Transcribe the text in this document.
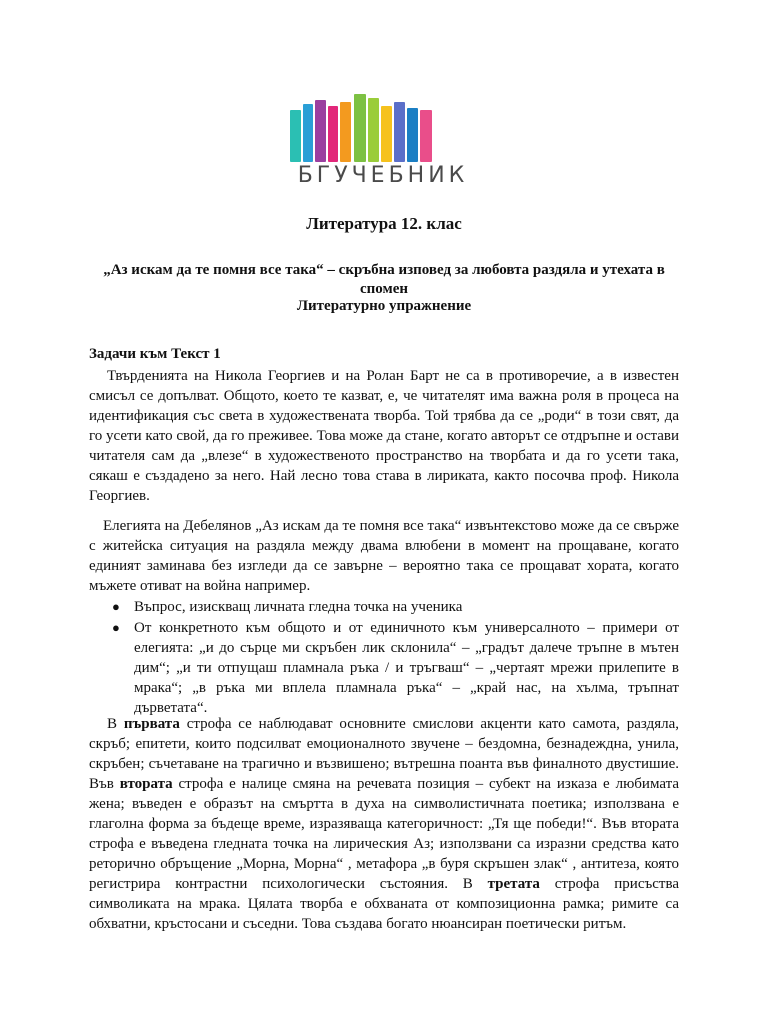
БГУЧЕБНИК
Литература 12. клас

„Аз искам да те помня все така“ – скръбна изповед за любовта раздяла и утехата в спомен

Литературно упражнение

Задачи към Текст 1

Твърденията на Никола Георгиев и на Ролан Барт не са в противоречие, а в известен смисъл се допълват. Общото, което те казват, е, че читателят има важна роля в процеса на идентификация със света в художествената творба. Той трябва да се „роди“ в този свят, да го усети като свой, да го преживее. Това може да стане, когато авторът се отдръпне и остави читателя сам да „влезе“ в художественото пространство на творбата и да го усети така, сякаш е създадено за него. Най лесно това става в лириката, както посочва проф. Никола Георгиев.

Елегията на Дебелянов „Аз искам да те помня все така“ извънтекстово може да се свърже с житейска ситуация на раздяла между двама влюбени в момент на прощаване, когато единият заминава без изгледи да се завърне – вероятно така се прощават хората, когато мъжете отиват на война например.

● Въпрос, изискващ личната гледна точка на ученика
● От конкретното към общото и от единичното към универсалното – примери от елегията: „и до сърце ми скръбен лик склонила“ – „градът далече тръпне в мътен дим“; „и ти отпущаш пламнала ръка / и тръгваш“ – „чертаят мрежи прилепите в мрака“; „в ръка ми вплела пламнала ръка“ – „край нас, на хълма, тръпнат дърветата“.

В първата строфа се наблюдават основните смислови акценти като самота, раздяла, скръб; епитети, които подсилват емоционалното звучене – бездомна, безнадеждна, унила, скръбен; съчетаване на трагично и възвишено; вътрешна поанта във финалното двустишие. Във втората строфа е налице смяна на речевата позиция – субект на изказа е любимата жена; въведен е образът на смъртта в духа на символистичната поетика; използвана е глаголна форма за бъдеще време, изразяваща категоричност: „Тя ще победи!“. Във втората строфа е въведена гледната точка на лирическия Аз; използвани са изразни средства като реторично обръщение „Морна, Морна“ , метафора „в буря скръшен злак“ , антитеза, която регистрира контрастни психологически състояния. В третата строфа присъства символиката на мрака. Цялата творба е обхваната от композиционна рамка; римите са обхватни, кръстосани и съседни. Това създава богато нюансиран поетически ритъм.
